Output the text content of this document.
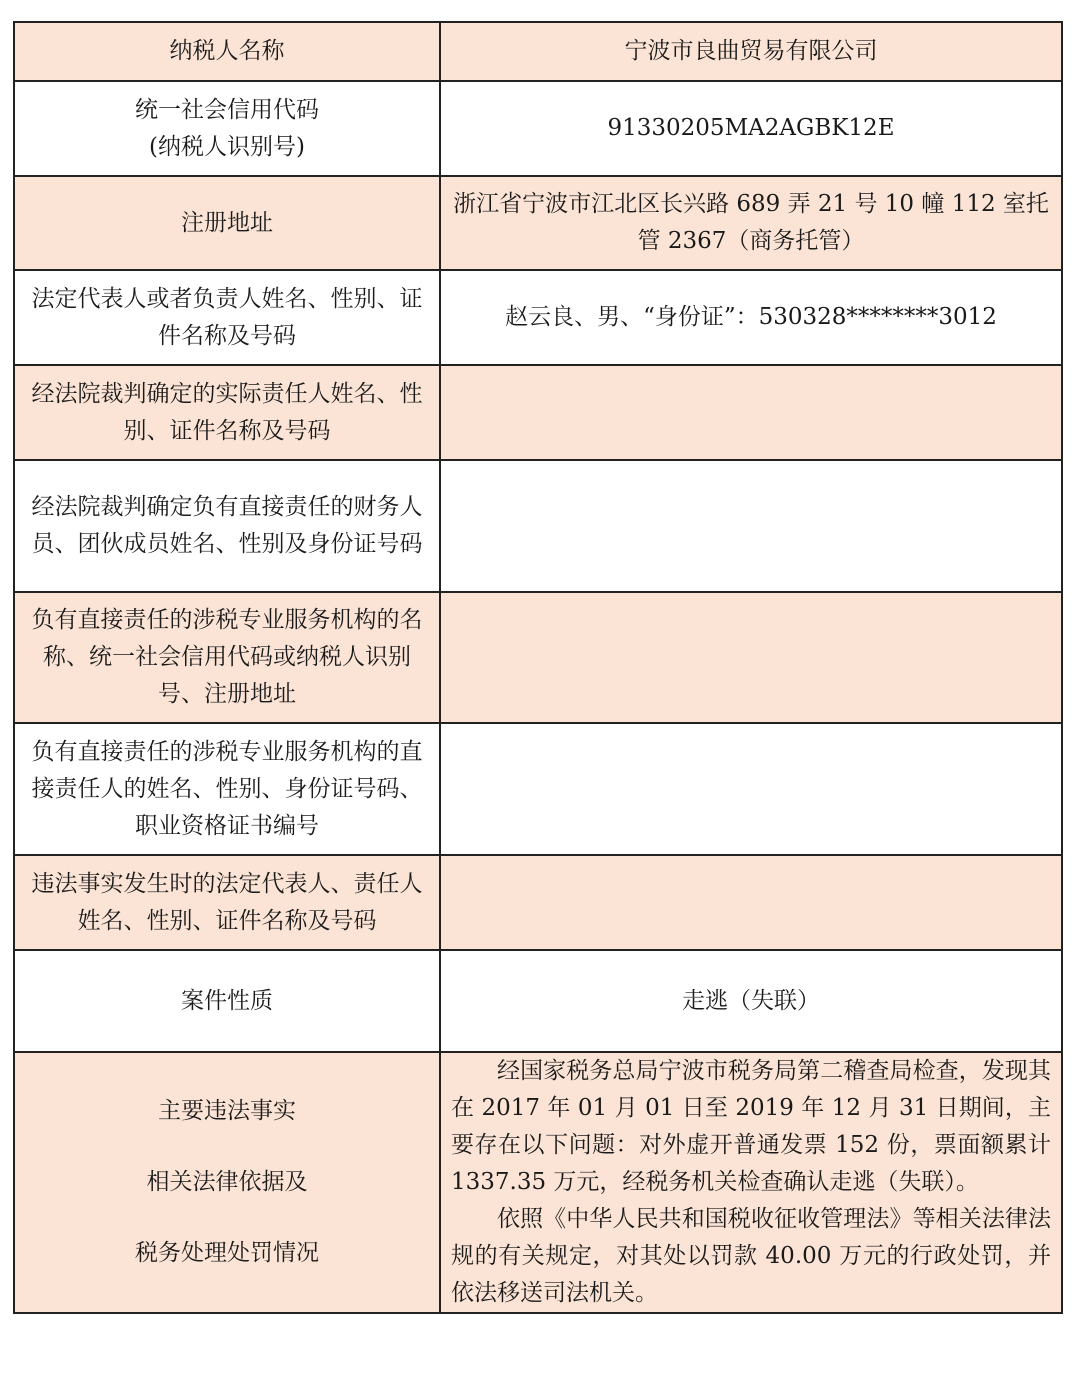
纳税人名称	宁波市良曲贸易有限公司

统一社会信用代码
(纳税人识别号)	91330205MA2AGBK12E
注册地址	浙江省宁波市江北区长兴路 689 弄 21 号 10 幢 112 室托管 2367（商务托管）
法定代表人或者负责人姓名、性别、证件名称及号码	赵云良、男、“身份证”：530328********3012
经法院裁判确定的实际责任人姓名、性别、证件名称及号码	
经法院裁判确定负有直接责任的财务人员、团伙成员姓名、性别及身份证号码	
负有直接责任的涉税专业服务机构的名称、统一社会信用代码或纳税人识别号、注册地址	
负有直接责任的涉税专业服务机构的直接责任人的姓名、性别、身份证号码、职业资格证书编号	
违法事实发生时的法定代表人、责任人姓名、性别、证件名称及号码	
案件性质	走逃（失联）

主要违法事实
相关法律依据及
税务处理处罚情况	经国家税务总局宁波市税务局第二稽查局检查，发现其在 2017 年 01 月 01 日至 2019 年 12 月 31 日期间，主要存在以下问题：对外虚开普通发票 152 份，票面额累计 1337.35 万元，经税务机关检查确认走逃（失联）。
依照《中华人民共和国税收征收管理法》等相关法律法规的有关规定，对其处以罚款 40.00 万元的行政处罚，并依法移送司法机关。
